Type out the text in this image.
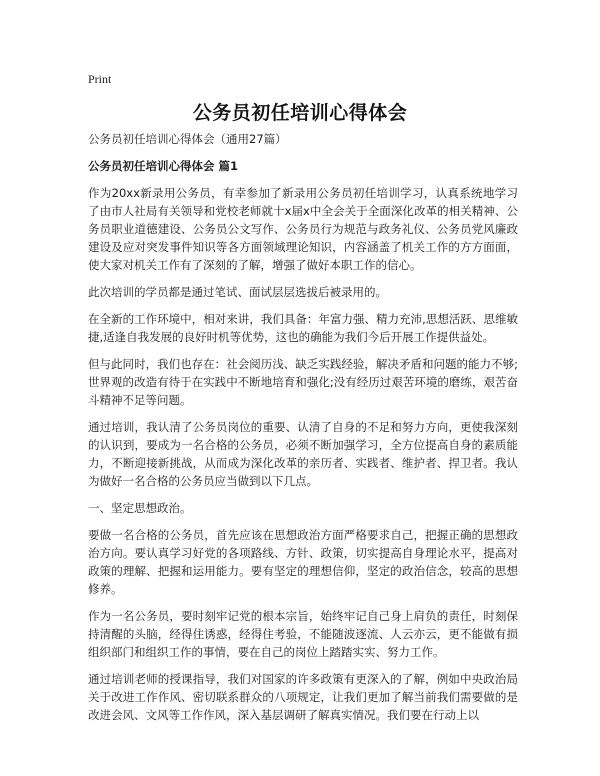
Print
公务员初任培训心得体会

公务员初任培训心得体会（通用27篇）

公务员初任培训心得体会 篇1

作为20xx新录用公务员，有幸参加了新录用公务员初任培训学习，认真系统地学习了由市人社局有关领导和党校老师就十x届x中全会关于全面深化改革的相关精神、公务员职业道德建设、公务员公文写作、公务员行为规范与政务礼仪、公务员党风廉政建设及应对突发事件知识等各方面领域理论知识，内容涵盖了机关工作的方方面面，使大家对机关工作有了深刻的了解，增强了做好本职工作的信心。

此次培训的学员都是通过笔试、面试层层选拔后被录用的。

在全新的工作环境中，相对来讲，我们具备：年富力强、精力充沛,思想活跃、思维敏捷,适逢自我发展的良好时机等优势，这也的确能为我们今后开展工作提供益处。

但与此同时，我们也存在：社会阅历浅、缺乏实践经验，解决矛盾和问题的能力不够;世界观的改造有待于在实践中不断地培育和强化;没有经历过艰苦环境的磨练，艰苦奋斗精神不足等问题。

通过培训，我认清了公务员岗位的重要、认清了自身的不足和努力方向，更使我深刻的认识到，要成为一名合格的公务员，必须不断加强学习，全方位提高自身的素质能力，不断迎接新挑战，从而成为深化改革的亲历者、实践者、维护者、捍卫者。我认为做好一名合格的公务员应当做到以下几点。

一、坚定思想政治。

要做一名合格的公务员，首先应该在思想政治方面严格要求自己，把握正确的思想政治方向。要认真学习好党的各项路线、方针、政策，切实提高自身理论水平，提高对政策的理解、把握和运用能力。要有坚定的理想信仰，坚定的政治信念，较高的思想修养。

作为一名公务员，要时刻牢记党的根本宗旨，始终牢记自己身上肩负的责任，时刻保持清醒的头脑，经得住诱惑，经得住考验，不能随波逐流、人云亦云，更不能做有损组织部门和组织工作的事情，要在自己的岗位上踏踏实实、努力工作。

通过培训老师的授课指导，我们对国家的许多政策有更深入的了解，例如中央政治局关于改进工作作风、密切联系群众的八项规定，让我们更加了解当前我们需要做的是改进会风、文风等工作作风，深入基层调研了解真实情况。我们要在行动上以
